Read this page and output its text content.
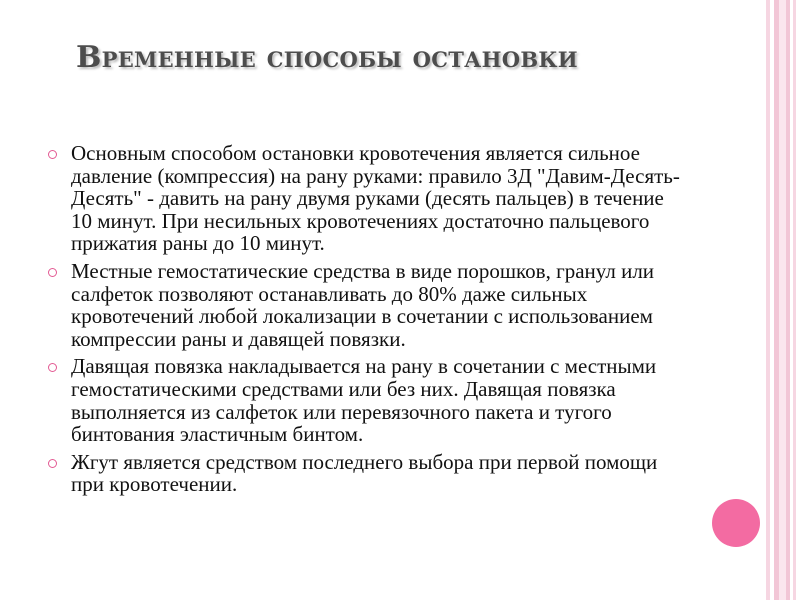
Временные способы остановки
Основным способом остановки кровотечения является сильное давление (компрессия) на рану руками: правило 3Д "Давим-Десять-Десять" - давить на рану двумя руками (десять пальцев) в течение 10 минут. При несильных кровотечениях достаточно пальцевого прижатия раны до 10 минут.
Местные гемостатические средства в виде порошков, гранул или салфеток позволяют останавливать до 80% даже сильных кровотечений любой локализации в сочетании с использованием компрессии раны и давящей повязки.
Давящая повязка накладывается на рану в сочетании с местными гемостатическими средствами или без них. Давящая повязка выполняется из салфеток или перевязочного пакета и тугого бинтования эластичным бинтом.
Жгут является средством последнего выбора при первой помощи при кровотечении.
